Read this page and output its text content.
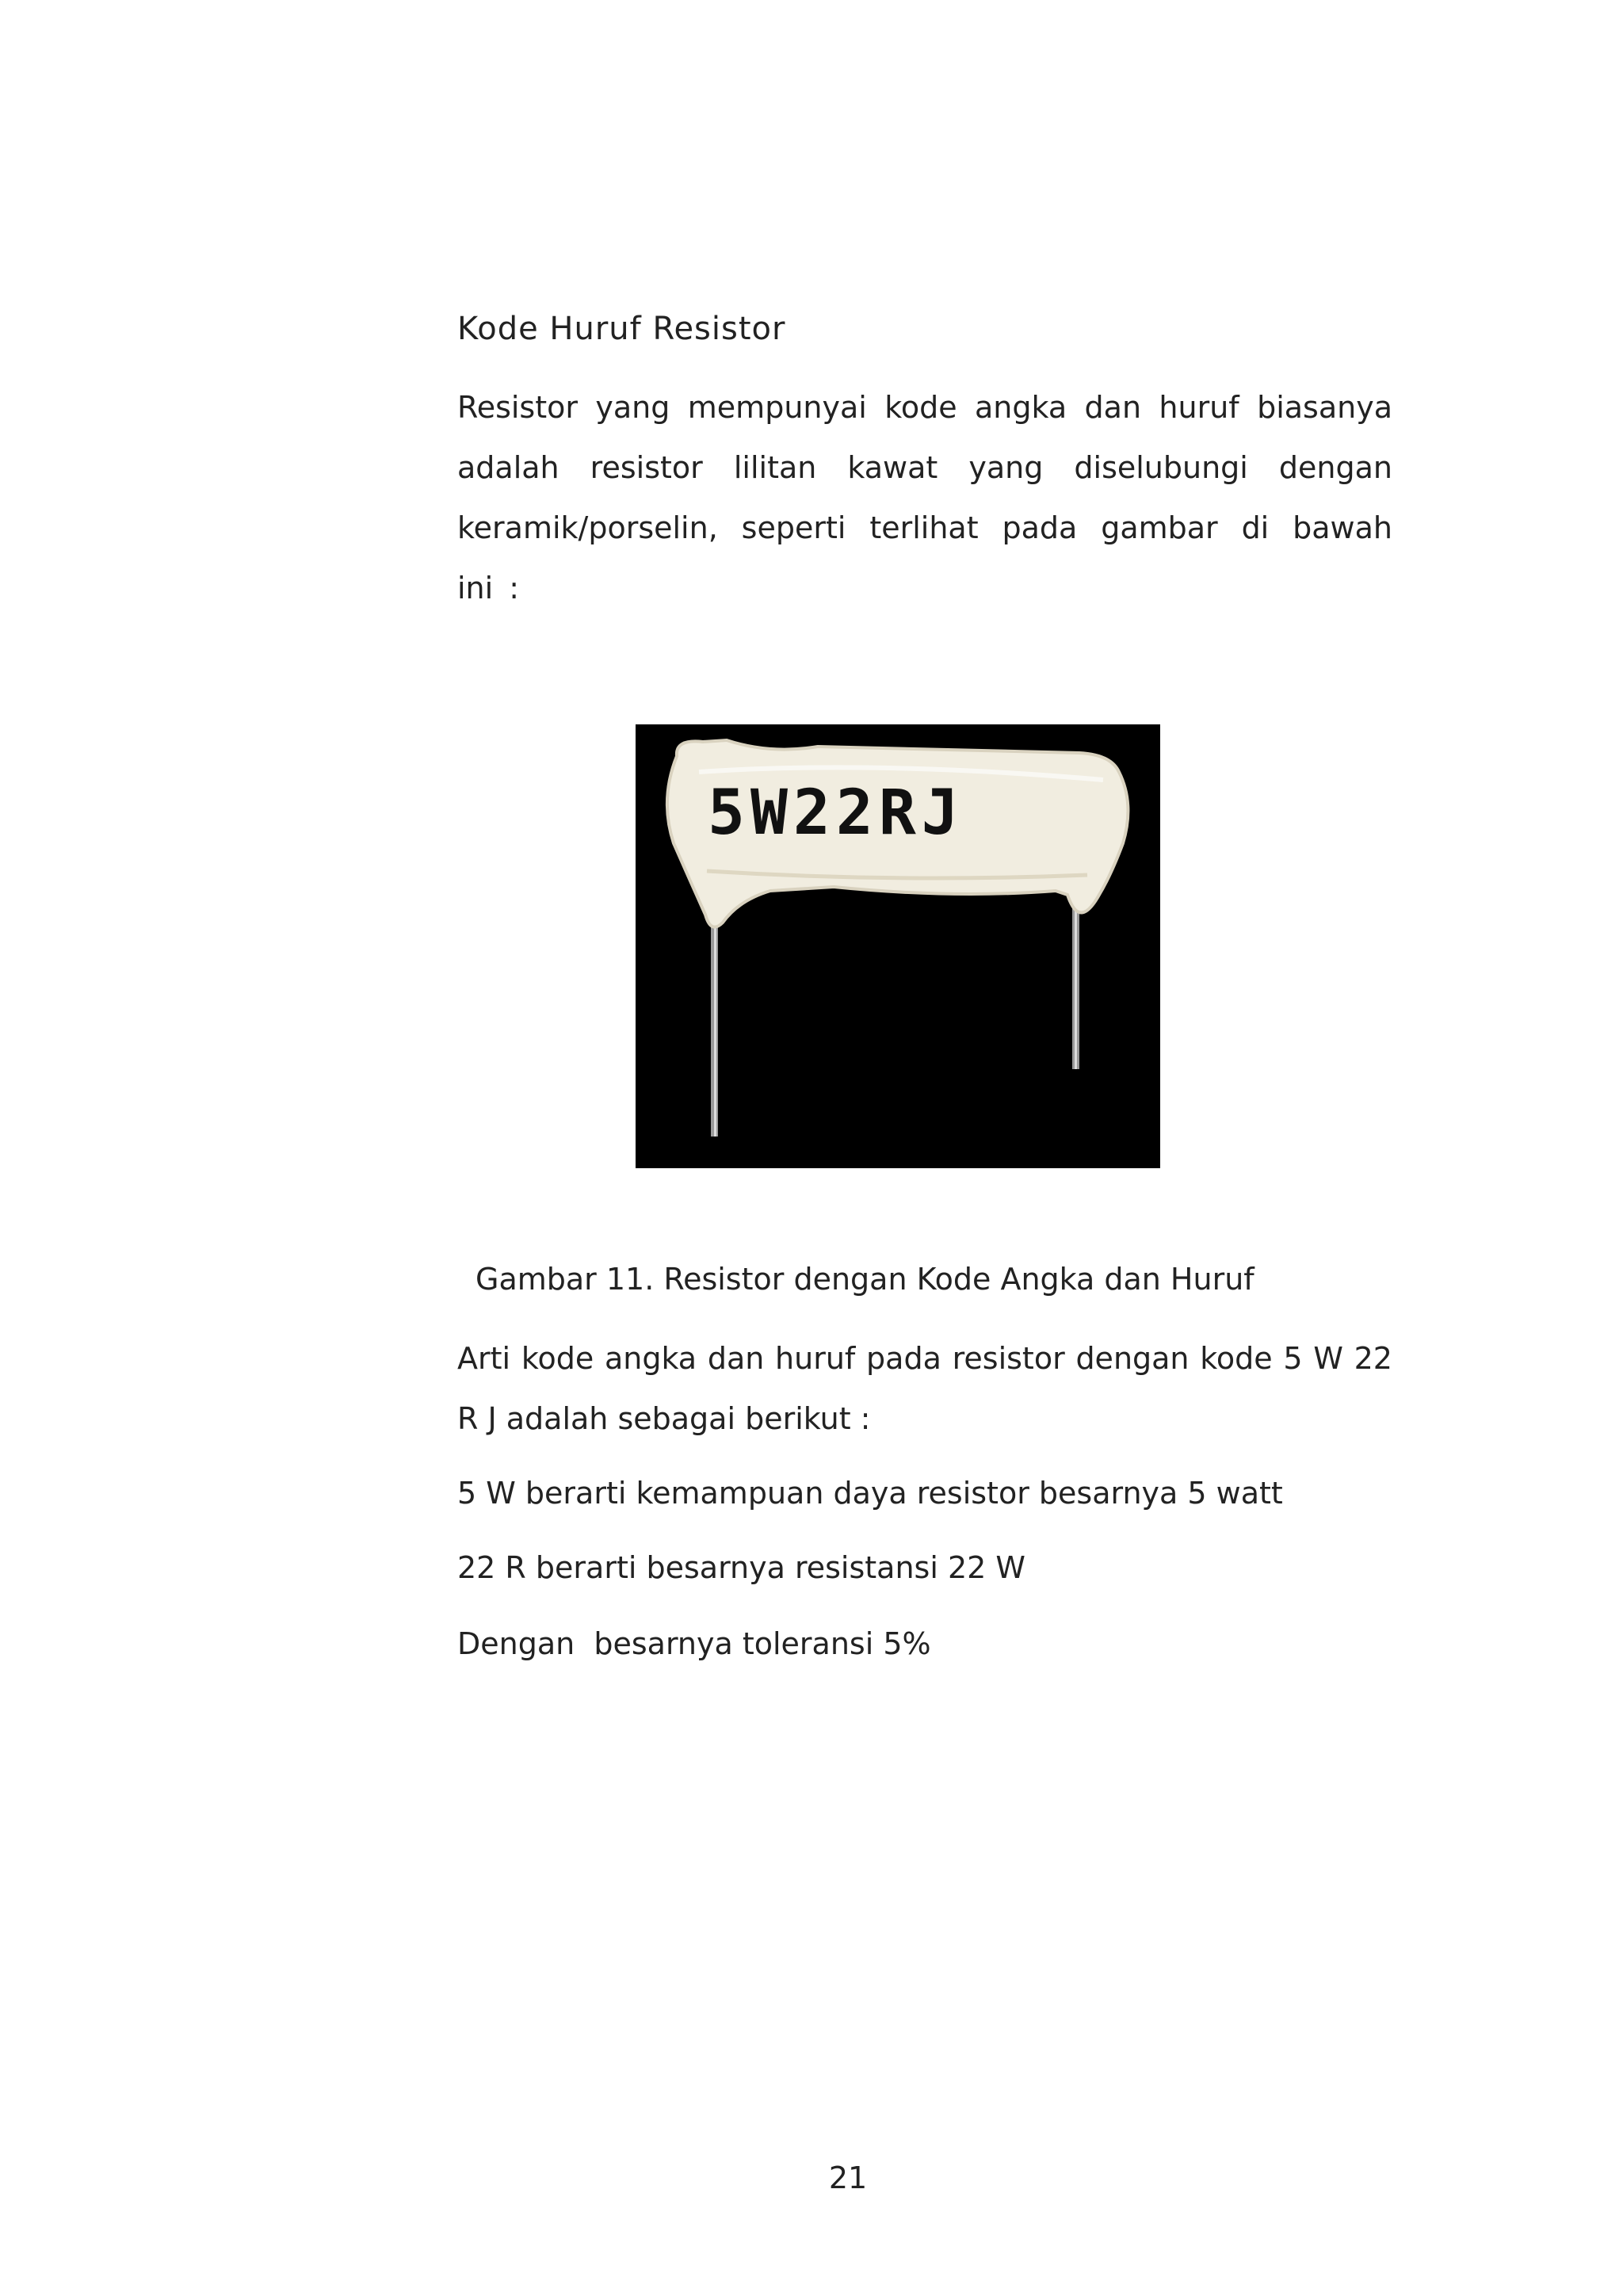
Kode Huruf Resistor
Resistor yang mempunyai kode angka dan huruf biasanya adalah resistor lilitan kawat yang diselubungi dengan keramik/porselin, seperti terlihat pada gambar di bawah ini :
5W22RJ
Gambar 11. Resistor dengan Kode Angka dan Huruf
Arti kode angka dan huruf pada resistor dengan kode 5 W 22 R J adalah sebagai berikut :
5 W berarti kemampuan daya resistor besarnya 5 watt
22 R berarti besarnya resistansi 22 W
Dengan  besarnya toleransi 5%
21
